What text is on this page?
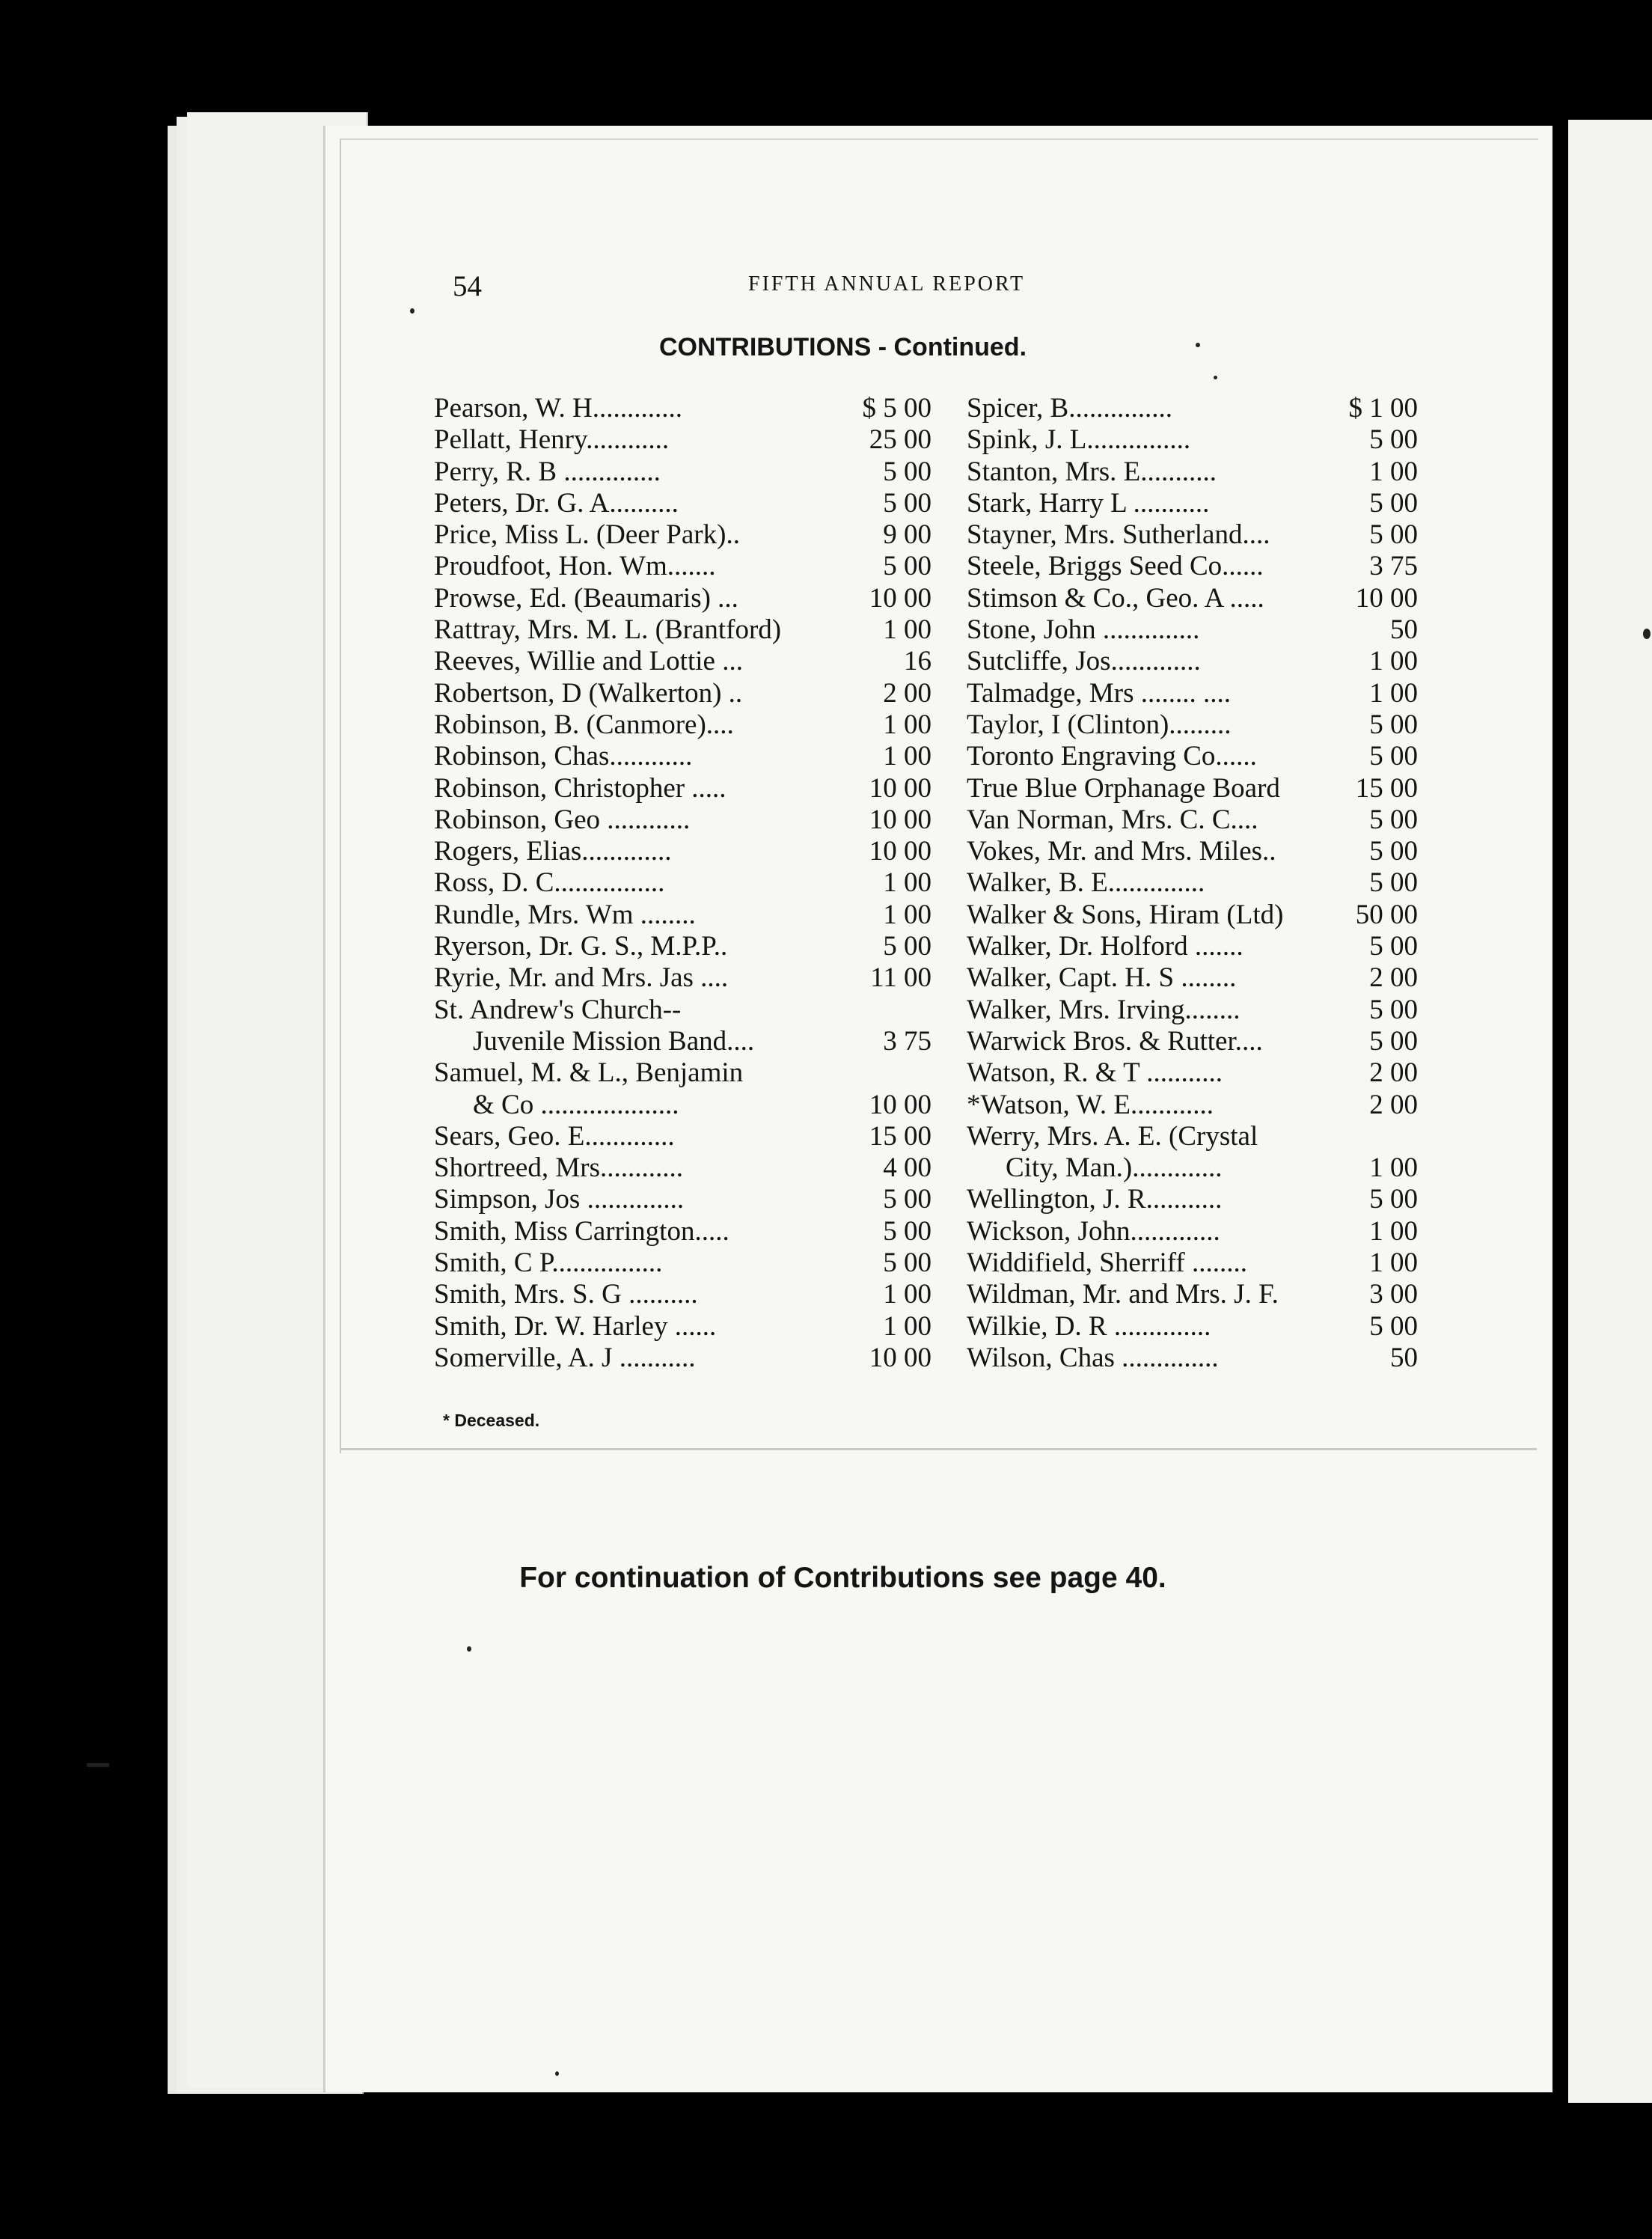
54	FIFTH ANNUAL REPORT
CONTRIBUTIONS - Continued.
Pearson, W. H.............	$ 5 00
Pellatt, Henry............	25 00
Perry, R. B ..............	5 00
Peters, Dr. G. A..........	5 00
Price, Miss L. (Deer Park)..	9 00
Proudfoot, Hon. Wm.......	5 00
Prowse, Ed. (Beaumaris) ...	10 00
Rattray, Mrs. M. L. (Brantford)	1 00
Reeves, Willie and Lottie ...	16
Robertson, D (Walkerton) ..	2 00
Robinson, B. (Canmore)....	1 00
Robinson, Chas............	1 00
Robinson, Christopher .....	10 00
Robinson, Geo ............	10 00
Rogers, Elias.............	10 00
Ross, D. C................	1 00
Rundle, Mrs. Wm ........	1 00
Ryerson, Dr. G. S., M.P.P..	5 00
Ryrie, Mr. and Mrs. Jas ....	11 00
St. Andrew's Church--
Juvenile Mission Band....	3 75
Samuel, M. & L., Benjamin
& Co ....................	10 00
Sears, Geo. E.............	15 00
Shortreed, Mrs............	4 00
Simpson, Jos ..............	5 00
Smith, Miss Carrington.....	5 00
Smith, C P................	5 00
Smith, Mrs. S. G ..........	1 00
Smith, Dr. W. Harley ......	1 00
Somerville, A. J ...........	10 00
Spicer, B...............	$ 1 00
Spink, J. L...............	5 00
Stanton, Mrs. E...........	1 00
Stark, Harry L ...........	5 00
Stayner, Mrs. Sutherland....	5 00
Steele, Briggs Seed Co......	3 75
Stimson & Co., Geo. A .....	10 00
Stone, John ..............	50
Sutcliffe, Jos.............	1 00
Talmadge, Mrs ........ ....	1 00
Taylor, I (Clinton).........	5 00
Toronto Engraving Co......	5 00
True Blue Orphanage Board	15 00
Van Norman, Mrs. C. C....	5 00
Vokes, Mr. and Mrs. Miles..	5 00
Walker, B. E..............	5 00
Walker & Sons, Hiram (Ltd)	50 00
Walker, Dr. Holford .......	5 00
Walker, Capt. H. S ........	2 00
Walker, Mrs. Irving........	5 00
Warwick Bros. & Rutter....	5 00
Watson, R. & T ...........	2 00
*Watson, W. E............	2 00
Werry, Mrs. A. E. (Crystal
City, Man.).............	1 00
Wellington, J. R...........	5 00
Wickson, John.............	1 00
Widdifield, Sherriff ........	1 00
Wildman, Mr. and Mrs. J. F.	3 00
Wilkie, D. R ..............	5 00
Wilson, Chas ..............	50
* Deceased.
For continuation of Contributions see page 40.
